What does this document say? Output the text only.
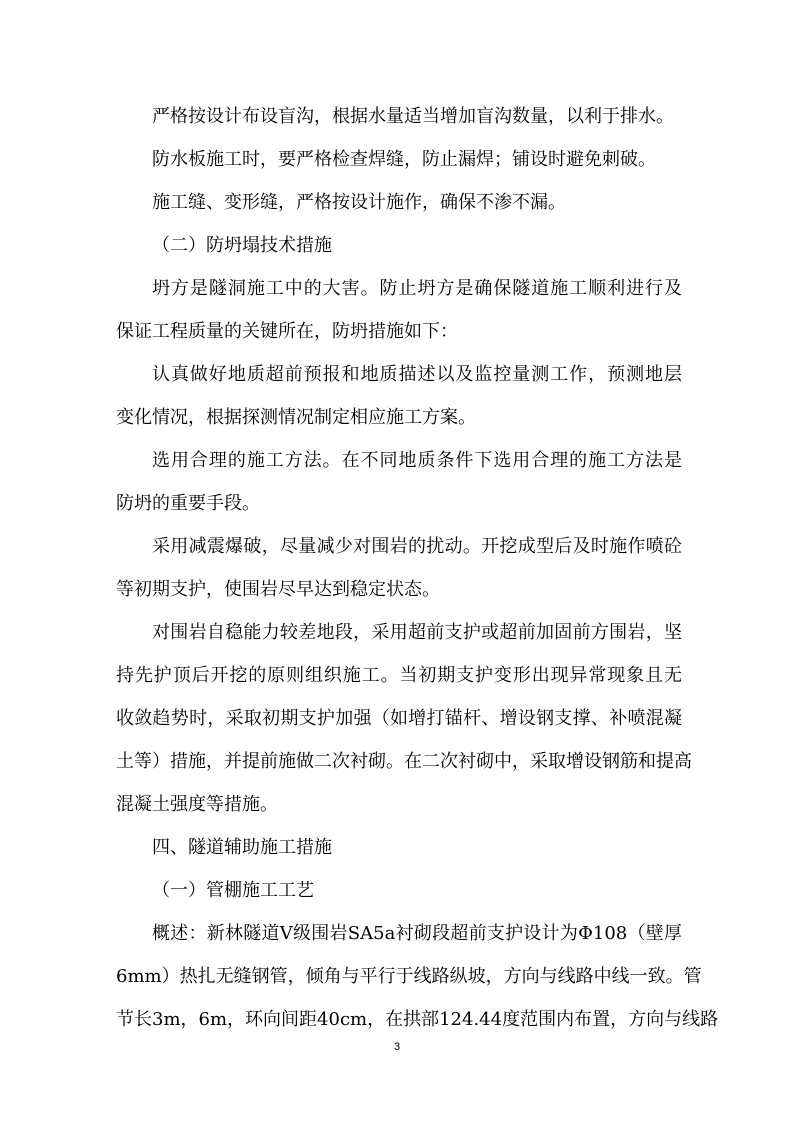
严格按设计布设盲沟，根据水量适当增加盲沟数量，以利于排水。
防水板施工时，要严格检查焊缝，防止漏焊；铺设时避免刺破。
施工缝、变形缝，严格按设计施作，确保不渗不漏。
（二）防坍塌技术措施
坍方是隧洞施工中的大害。防止坍方是确保隧道施工顺利进行及
保证工程质量的关键所在，防坍措施如下：
认真做好地质超前预报和地质描述以及监控量测工作，预测地层
变化情况，根据探测情况制定相应施工方案。
选用合理的施工方法。在不同地质条件下选用合理的施工方法是
防坍的重要手段。
采用减震爆破，尽量减少对围岩的扰动。开挖成型后及时施作喷砼
等初期支护，使围岩尽早达到稳定状态。
对围岩自稳能力较差地段，采用超前支护或超前加固前方围岩，坚
持先护顶后开挖的原则组织施工。当初期支护变形出现异常现象且无
收敛趋势时，采取初期支护加强（如增打锚杆、增设钢支撑、补喷混凝
土等）措施，并提前施做二次衬砌。在二次衬砌中，采取增设钢筋和提高
混凝土强度等措施。
四、隧道辅助施工措施
（一）管棚施工工艺
概述：新林隧道Ⅴ级围岩SA5a衬砌段超前支护设计为Φ108（壁厚
6mm）热扎无缝钢管，倾角与平行于线路纵坡，方向与线路中线一致。管
节长3m，6m，环向间距40cm，在拱部124.44度范围内布置，方向与线路
3
